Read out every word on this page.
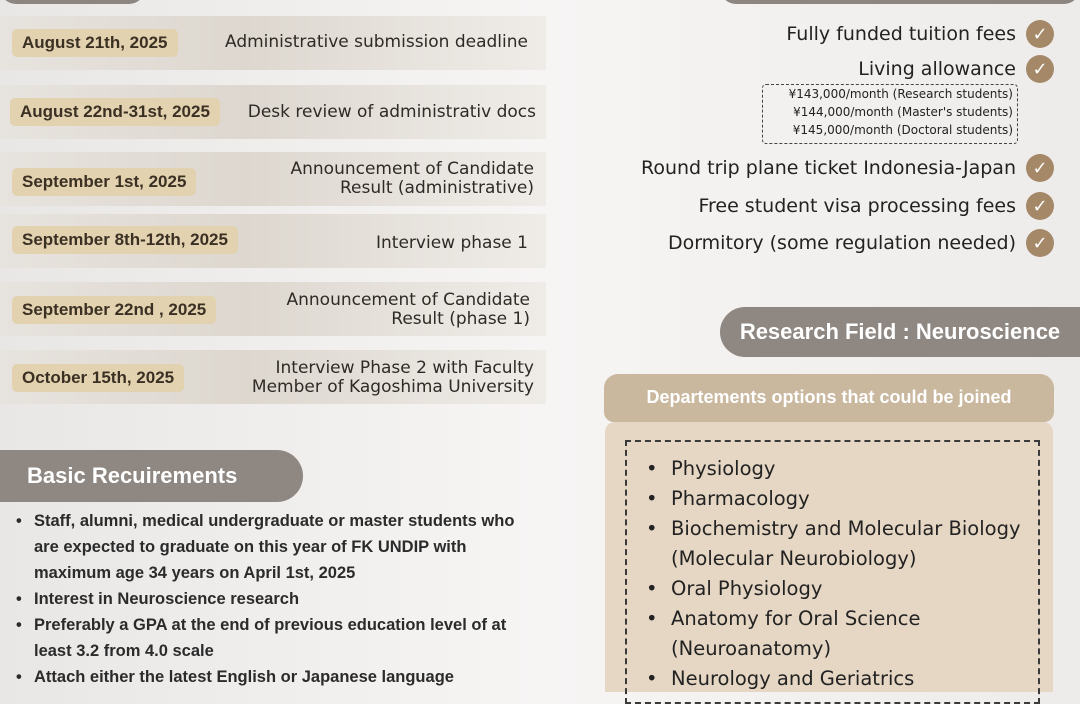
August 21th, 2025	Administrative submission deadline
August 22nd-31st, 2025	Desk review of administrativ docs
September 1st, 2025
Announcement of Candidate
Result (administrative)
September 8th-12th, 2025	Interview phase 1
September 22nd , 2025	Announcement of Candidate
Result (phase 1)
October 15th, 2025	Interview Phase 2 with Faculty
Member of Kagoshima University
Basic Recuirements
• Staff, alumni, medical undergraduate or master students who are expected to graduate on this year of FK UNDIP with maximum age 34 years on April 1st, 2025
• Interest in Neuroscience research
• Preferably a GPA at the end of previous education level of at least 3.2 from 4.0 scale
• Attach either the latest English or Japanese language
Fully funded tuition fees ✓
Living allowance ✓
¥143,000/month (Research students)
¥144,000/month (Master's students)
¥145,000/month (Doctoral students)
Round trip plane ticket Indonesia-Japan ✓
Free student visa processing fees ✓
Dormitory (some regulation needed) ✓
Research Field : Neuroscience
Departements options that could be joined
• Physiology
• Pharmacology
• Biochemistry and Molecular Biology (Molecular Neurobiology)
• Oral Physiology
• Anatomy for Oral Science (Neuroanatomy)
• Neurology and Geriatrics
